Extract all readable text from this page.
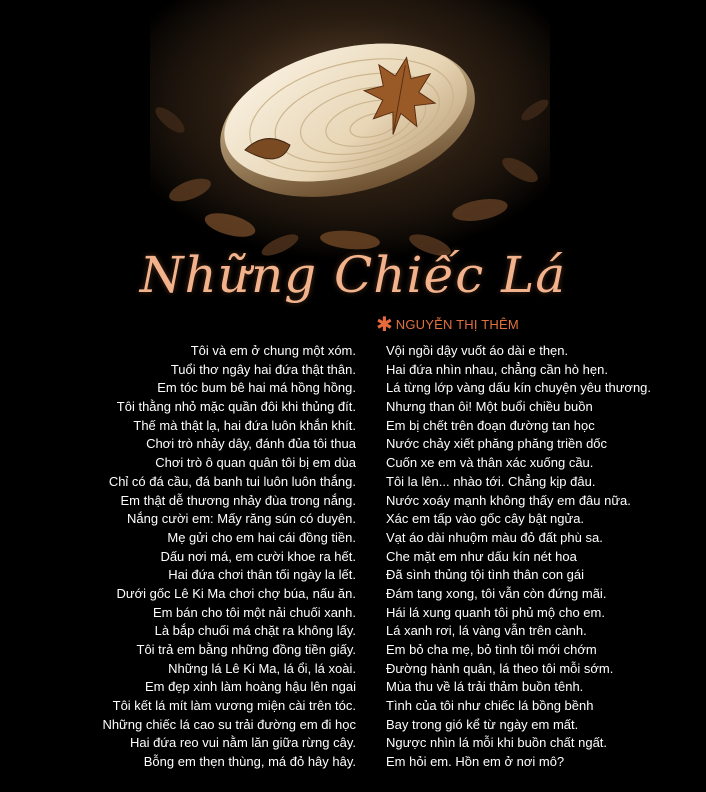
Những Chiếc Lá
✱ NGUYỄN THỊ THÊM
Tôi và em ở chung một xóm.
Tuổi thơ ngây hai đứa thật thân.
Em tóc bum bê hai má hồng hồng.
Tôi thằng nhỏ mặc quần đôi khi thủng đít.
Thế mà thật lạ, hai đứa luôn khắn khít.
Chơi trò nhảy dây, đánh đủa tôi thua
Chơi trò ô quan quân tôi bị em dùa
Chỉ có đá cầu, đá banh tui luôn luôn thắng.
Em thật dễ thương nhảy đùa trong nắng.
Nắng cười em: Mấy răng sún có duyên.
Mẹ gửi cho em hai cái đồng tiền.
Dấu nơi má, em cười khoe ra hết.
Hai đứa chơi thân tối ngày la lết.
Dưới gốc Lê Ki Ma chơi chợ búa, nấu ăn.
Em bán cho tôi một nải chuối xanh.
Là bắp chuối má chặt ra không lấy.
Tôi trả em bằng những đồng tiền giấy.
Những lá Lê Ki Ma, lá ổi, lá xoài.
Em đẹp xinh làm hoàng hậu lên ngai
Tôi kết lá mít làm vương miện cài trên tóc.
Những chiếc lá cao su trải đường em đi học
Hai đứa reo vui nằm lăn giữa rừng cây.
Bỗng em thẹn thùng, má đỏ hây hây.
Vội ngồi dậy vuốt áo dài e thẹn.
Hai đứa nhìn nhau, chẳng cần hò hẹn.
Lá từng lớp vàng dấu kín chuyện yêu thương.
Nhưng than ôi! Một buổi chiều buồn
Em bị chết trên đoạn đường tan học
Nước chảy xiết phăng phăng triền dốc
Cuốn xe em và thân xác xuống cầu.
Tôi la lên... nhào tới. Chẳng kịp đâu.
Nước xoáy mạnh không thấy em đâu nữa.
Xác em tấp vào gốc cây bật ngửa.
Vạt áo dài nhuộm màu đỏ đất phù sa.
Che mặt em như dấu kín nét hoa
Đã sình thủng tội tình thân con gái
Đám tang xong, tôi vẫn còn đứng mãi.
Hái lá xung quanh tôi phủ mộ cho em.
Lá xanh rơi, lá vàng vẫn trên cành.
Em bỏ cha mẹ, bỏ tình tôi mới chớm
Đường hành quân, lá theo tôi mỗi sớm.
Mùa thu về lá trải thảm buồn tênh.
Tình của tôi như chiếc lá bồng bềnh
Bay trong gió kể từ ngày em mất.
Ngược nhìn lá mỗi khi buồn chất ngất.
Em hỏi em. Hồn em ở nơi mô?
